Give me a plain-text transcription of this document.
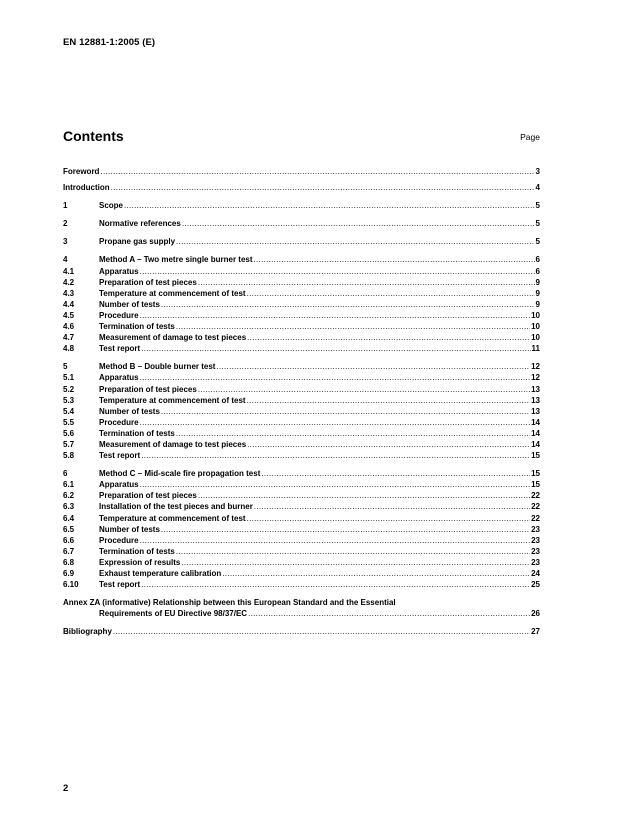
EN 12881-1:2005 (E)
Contents	Page
Foreword .....	3
Introduction .....	4
1	Scope .....	5
2	Normative references .....	5
3	Propane gas supply .....	5
4	Method A – Two metre single burner test .....	6
4.1	Apparatus .....	6
4.2	Preparation of test pieces .....	9
4.3	Temperature at commencement of test .....	9
4.4	Number of tests .....	9
4.5	Procedure .....	10
4.6	Termination of tests .....	10
4.7	Measurement of damage to test pieces .....	10
4.8	Test report .....	11
5	Method B – Double burner test .....	12
5.1	Apparatus .....	12
5.2	Preparation of test pieces .....	13
5.3	Temperature at commencement of test .....	13
5.4	Number of tests .....	13
5.5	Procedure .....	14
5.6	Termination of tests .....	14
5.7	Measurement of damage to test pieces .....	14
5.8	Test report .....	15
6	Method C – Mid-scale fire propagation test .....	15
6.1	Apparatus .....	15
6.2	Preparation of test pieces .....	22
6.3	Installation of the test pieces and burner .....	22
6.4	Temperature at commencement of test .....	22
6.5	Number of tests .....	23
6.6	Procedure .....	23
6.7	Termination of tests .....	23
6.8	Expression of results .....	23
6.9	Exhaust temperature calibration .....	24
6.10	Test report .....	25
Annex ZA (informative) Relationship between this European Standard and the Essential
Requirements of EU Directive 98/37/EC .....	26
Bibliography .....	27
2
